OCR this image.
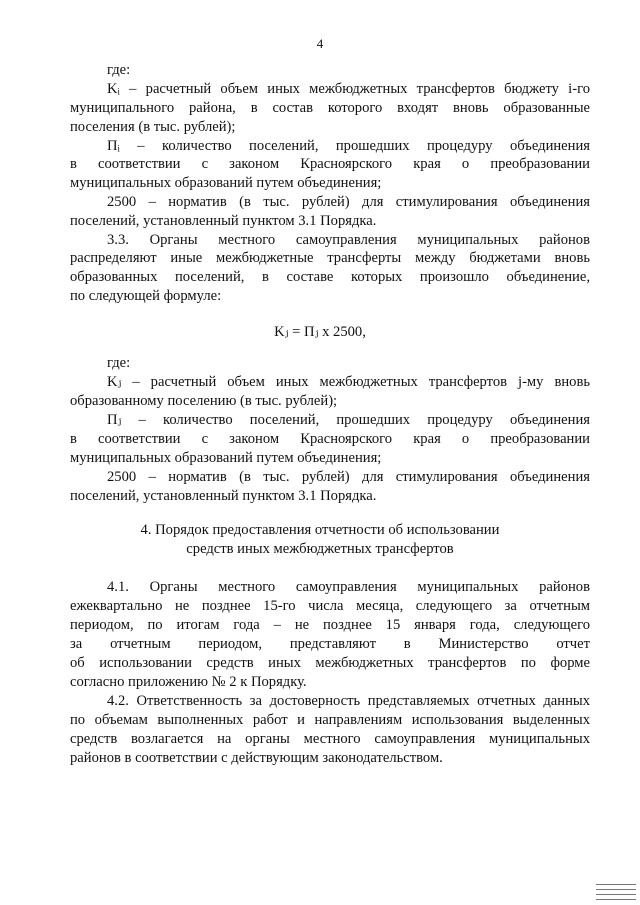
4
где:
Kᵢ – расчетный объем иных межбюджетных трансфертов бюджету i-го
муниципального района, в состав которого входят вновь образованные
поселения (в тыс. рублей);
Пᵢ – количество поселений, прошедших процедуру объединения
в соответствии с законом Красноярского края о преобразовании
муниципальных образований путем объединения;
2500 – норматив (в тыс. рублей) для стимулирования объединения
поселений, установленный пунктом 3.1 Порядка.
3.3. Органы местного самоуправления муниципальных районов
распределяют иные межбюджетные трансферты между бюджетами вновь
образованных поселений, в составе которых произошло объединение,
по следующей формуле:
Kⱼ = Пⱼ х 2500,
где:
Kⱼ – расчетный объем иных межбюджетных трансфертов j-му вновь
образованному поселению (в тыс. рублей);
Пⱼ – количество поселений, прошедших процедуру объединения
в соответствии с законом Красноярского края о преобразовании
муниципальных образований путем объединения;
2500 – норматив (в тыс. рублей) для стимулирования объединения
поселений, установленный пунктом 3.1 Порядка.
4. Порядок предоставления отчетности об использовании
средств иных межбюджетных трансфертов
4.1. Органы местного самоуправления муниципальных районов
ежеквартально не позднее 15-го числа месяца, следующего за отчетным
периодом, по итогам года – не позднее 15 января года, следующего
за отчетным периодом, представляют в Министерство отчет
об использовании средств иных межбюджетных трансфертов по форме
согласно приложению № 2 к Порядку.
4.2. Ответственность за достоверность представляемых отчетных данных
по объемам выполненных работ и направлениям использования выделенных
средств возлагается на органы местного самоуправления муниципальных
районов в соответствии с действующим законодательством.
